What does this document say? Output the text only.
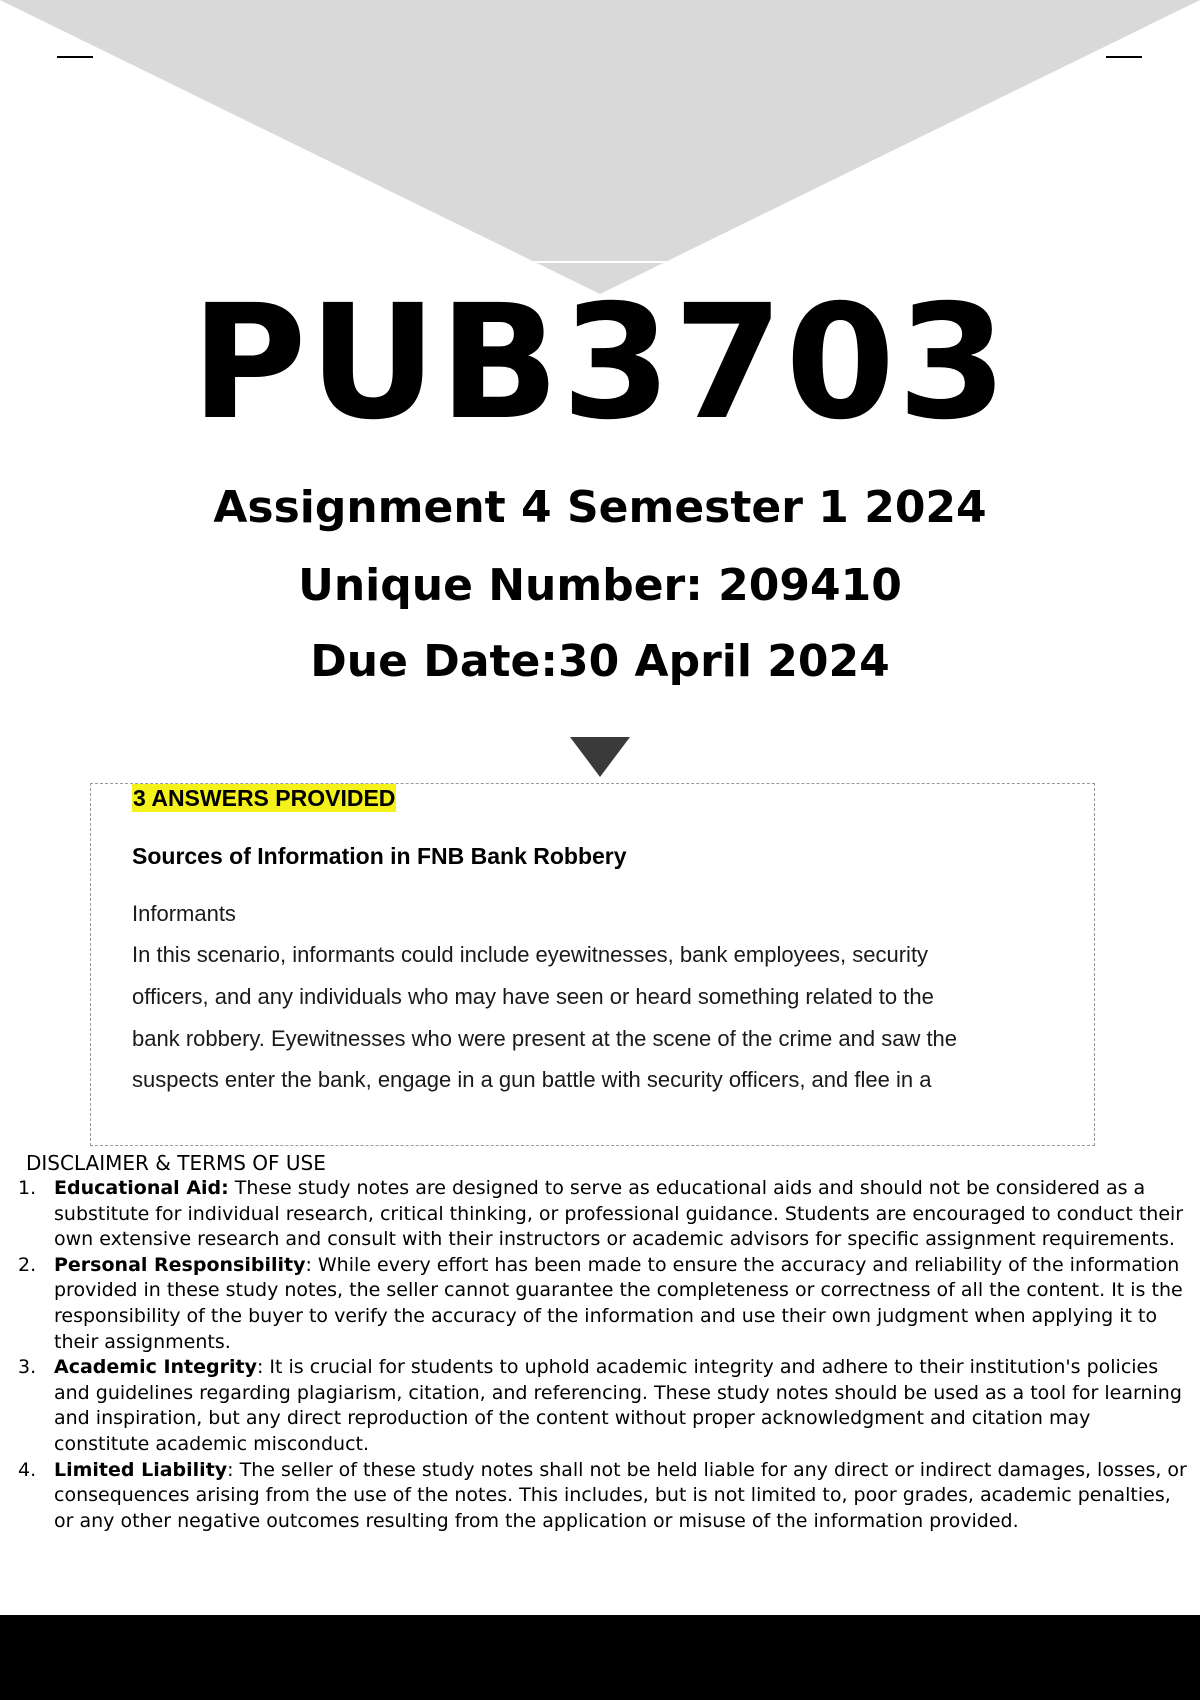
PUB3703
Assignment 4 Semester 1 2024
Unique Number: 209410
Due Date:30 April 2024
3 ANSWERS PROVIDED
Sources of Information in FNB Bank Robbery
Informants
In this scenario, informants could include eyewitnesses, bank employees, security
officers, and any individuals who may have seen or heard something related to the
bank robbery. Eyewitnesses who were present at the scene of the crime and saw the
suspects enter the bank, engage in a gun battle with security officers, and flee in a
DISCLAIMER & TERMS OF USE
1. Educational Aid: These study notes are designed to serve as educational aids and should not be considered as a substitute for individual research, critical thinking, or professional guidance. Students are encouraged to conduct their own extensive research and consult with their instructors or academic advisors for specific assignment requirements.
2. Personal Responsibility: While every effort has been made to ensure the accuracy and reliability of the information provided in these study notes, the seller cannot guarantee the completeness or correctness of all the content. It is the responsibility of the buyer to verify the accuracy of the information and use their own judgment when applying it to their assignments.
3. Academic Integrity: It is crucial for students to uphold academic integrity and adhere to their institution's policies and guidelines regarding plagiarism, citation, and referencing. These study notes should be used as a tool for learning and inspiration, but any direct reproduction of the content without proper acknowledgment and citation may constitute academic misconduct.
4. Limited Liability: The seller of these study notes shall not be held liable for any direct or indirect damages, losses, or consequences arising from the use of the notes. This includes, but is not limited to, poor grades, academic penalties, or any other negative outcomes resulting from the application or misuse of the information provided.
